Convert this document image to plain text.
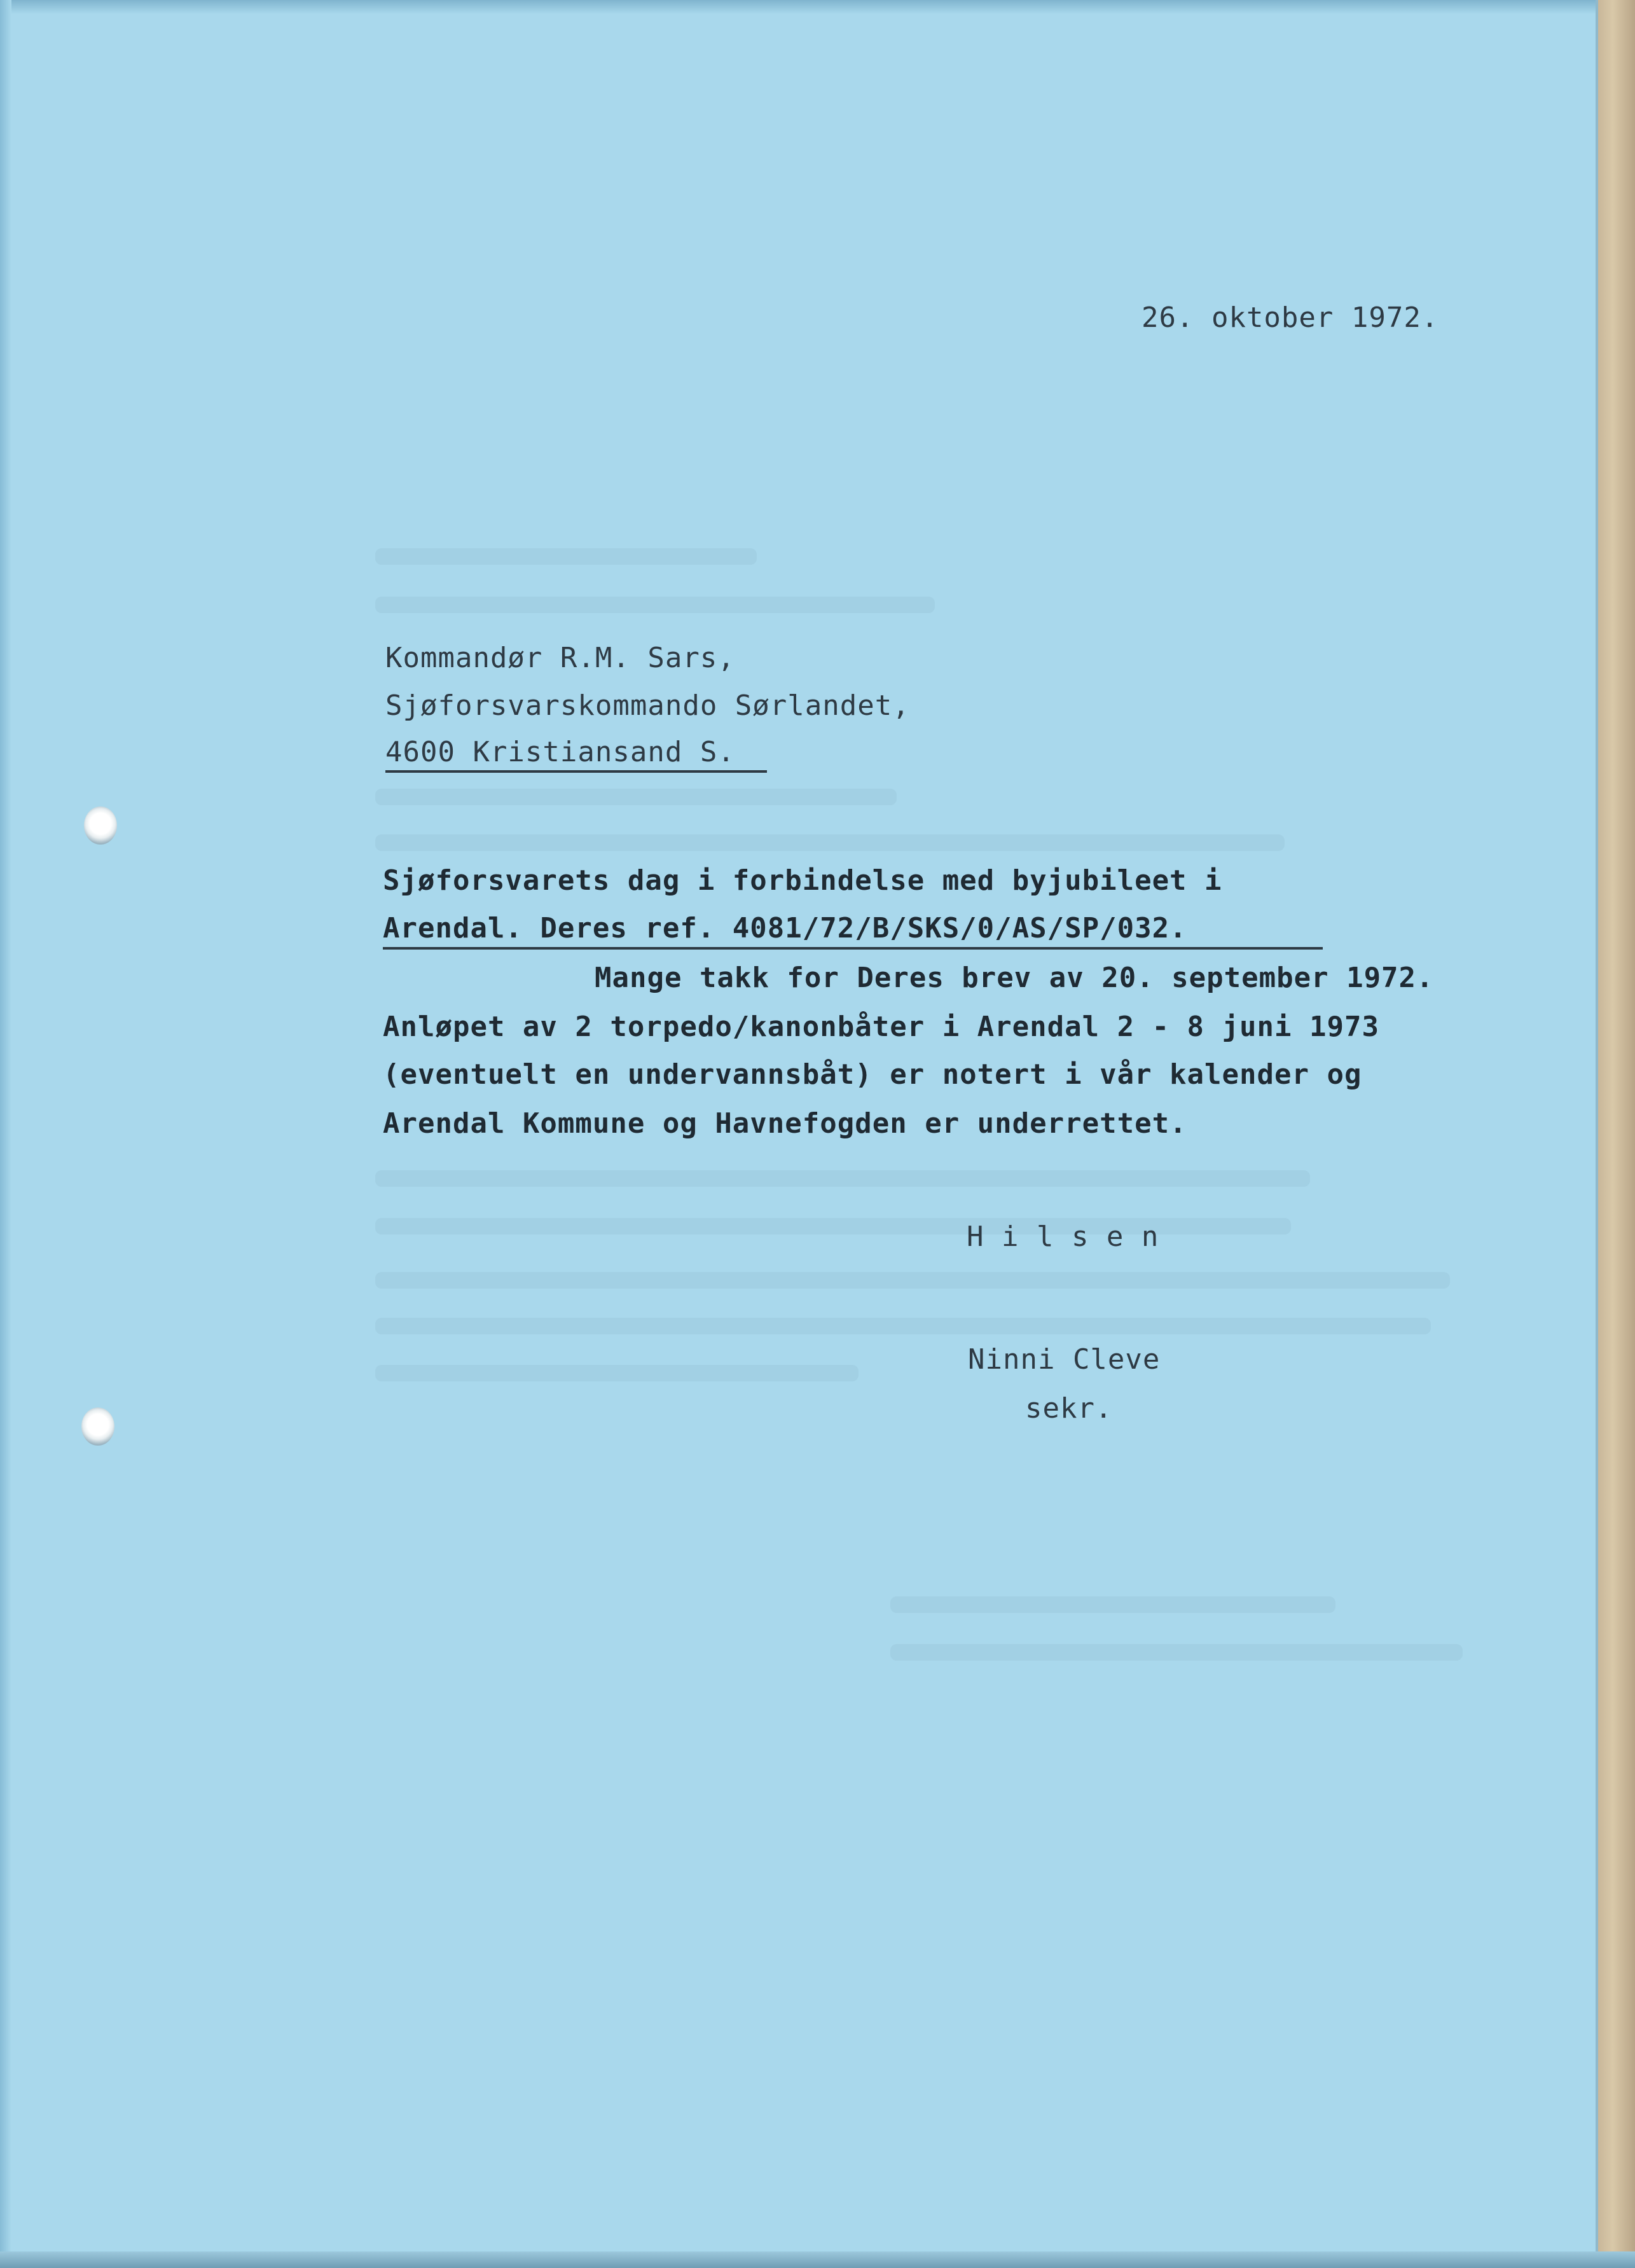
26. oktober 1972.

Kommandør R.M. Sars,

Sjøforsvarskommando Sørlandet,

4600 Kristiansand S.

Sjøforsvarets dag i forbindelse med byjubileet i

Arendal. Deres ref. 4081/72/B/SKS/0/AS/SP/032.

Mange takk for Deres brev av 20. september 1972.

Anløpet av 2 torpedo/kanonbåter i Arendal 2 - 8 juni 1973

(eventuelt en undervannsbåt) er notert i vår kalender og

Arendal Kommune og Havnefogden er underrettet.

H i l s e n

Ninni Cleve

sekr.
